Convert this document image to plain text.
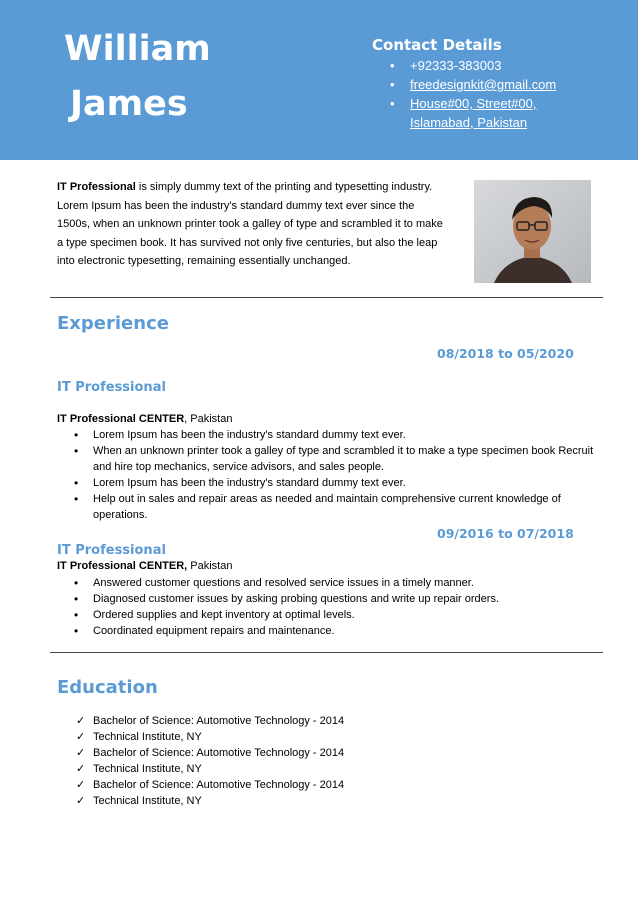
William
James
Contact Details
• +92333-383003
• freedesignkit@gmail.com
• House#00, Street#00,
Islamabad, Pakistan
IT Professional is simply dummy text of the printing and typesetting industry. Lorem Ipsum has been the industry's standard dummy text ever since the 1500s, when an unknown printer took a galley of type and scrambled it to make a type specimen book. It has survived not only five centuries, but also the leap into electronic typesetting, remaining essentially unchanged.
Experience
08/2018 to 05/2020
IT Professional
IT Professional CENTER, Pakistan
• Lorem Ipsum has been the industry's standard dummy text ever.
• When an unknown printer took a galley of type and scrambled it to make a type specimen book Recruit and hire top mechanics, service advisors, and sales people.
• Lorem Ipsum has been the industry's standard dummy text ever.
• Help out in sales and repair areas as needed and maintain comprehensive current knowledge of operations.
09/2016 to 07/2018
IT Professional
IT Professional CENTER, Pakistan
• Answered customer questions and resolved service issues in a timely manner.
• Diagnosed customer issues by asking probing questions and write up repair orders.
• Ordered supplies and kept inventory at optimal levels.
• Coordinated equipment repairs and maintenance.
Education
✓ Bachelor of Science: Automotive Technology - 2014
✓ Technical Institute, NY
✓ Bachelor of Science: Automotive Technology - 2014
✓ Technical Institute, NY
✓ Bachelor of Science: Automotive Technology - 2014
✓ Technical Institute, NY
